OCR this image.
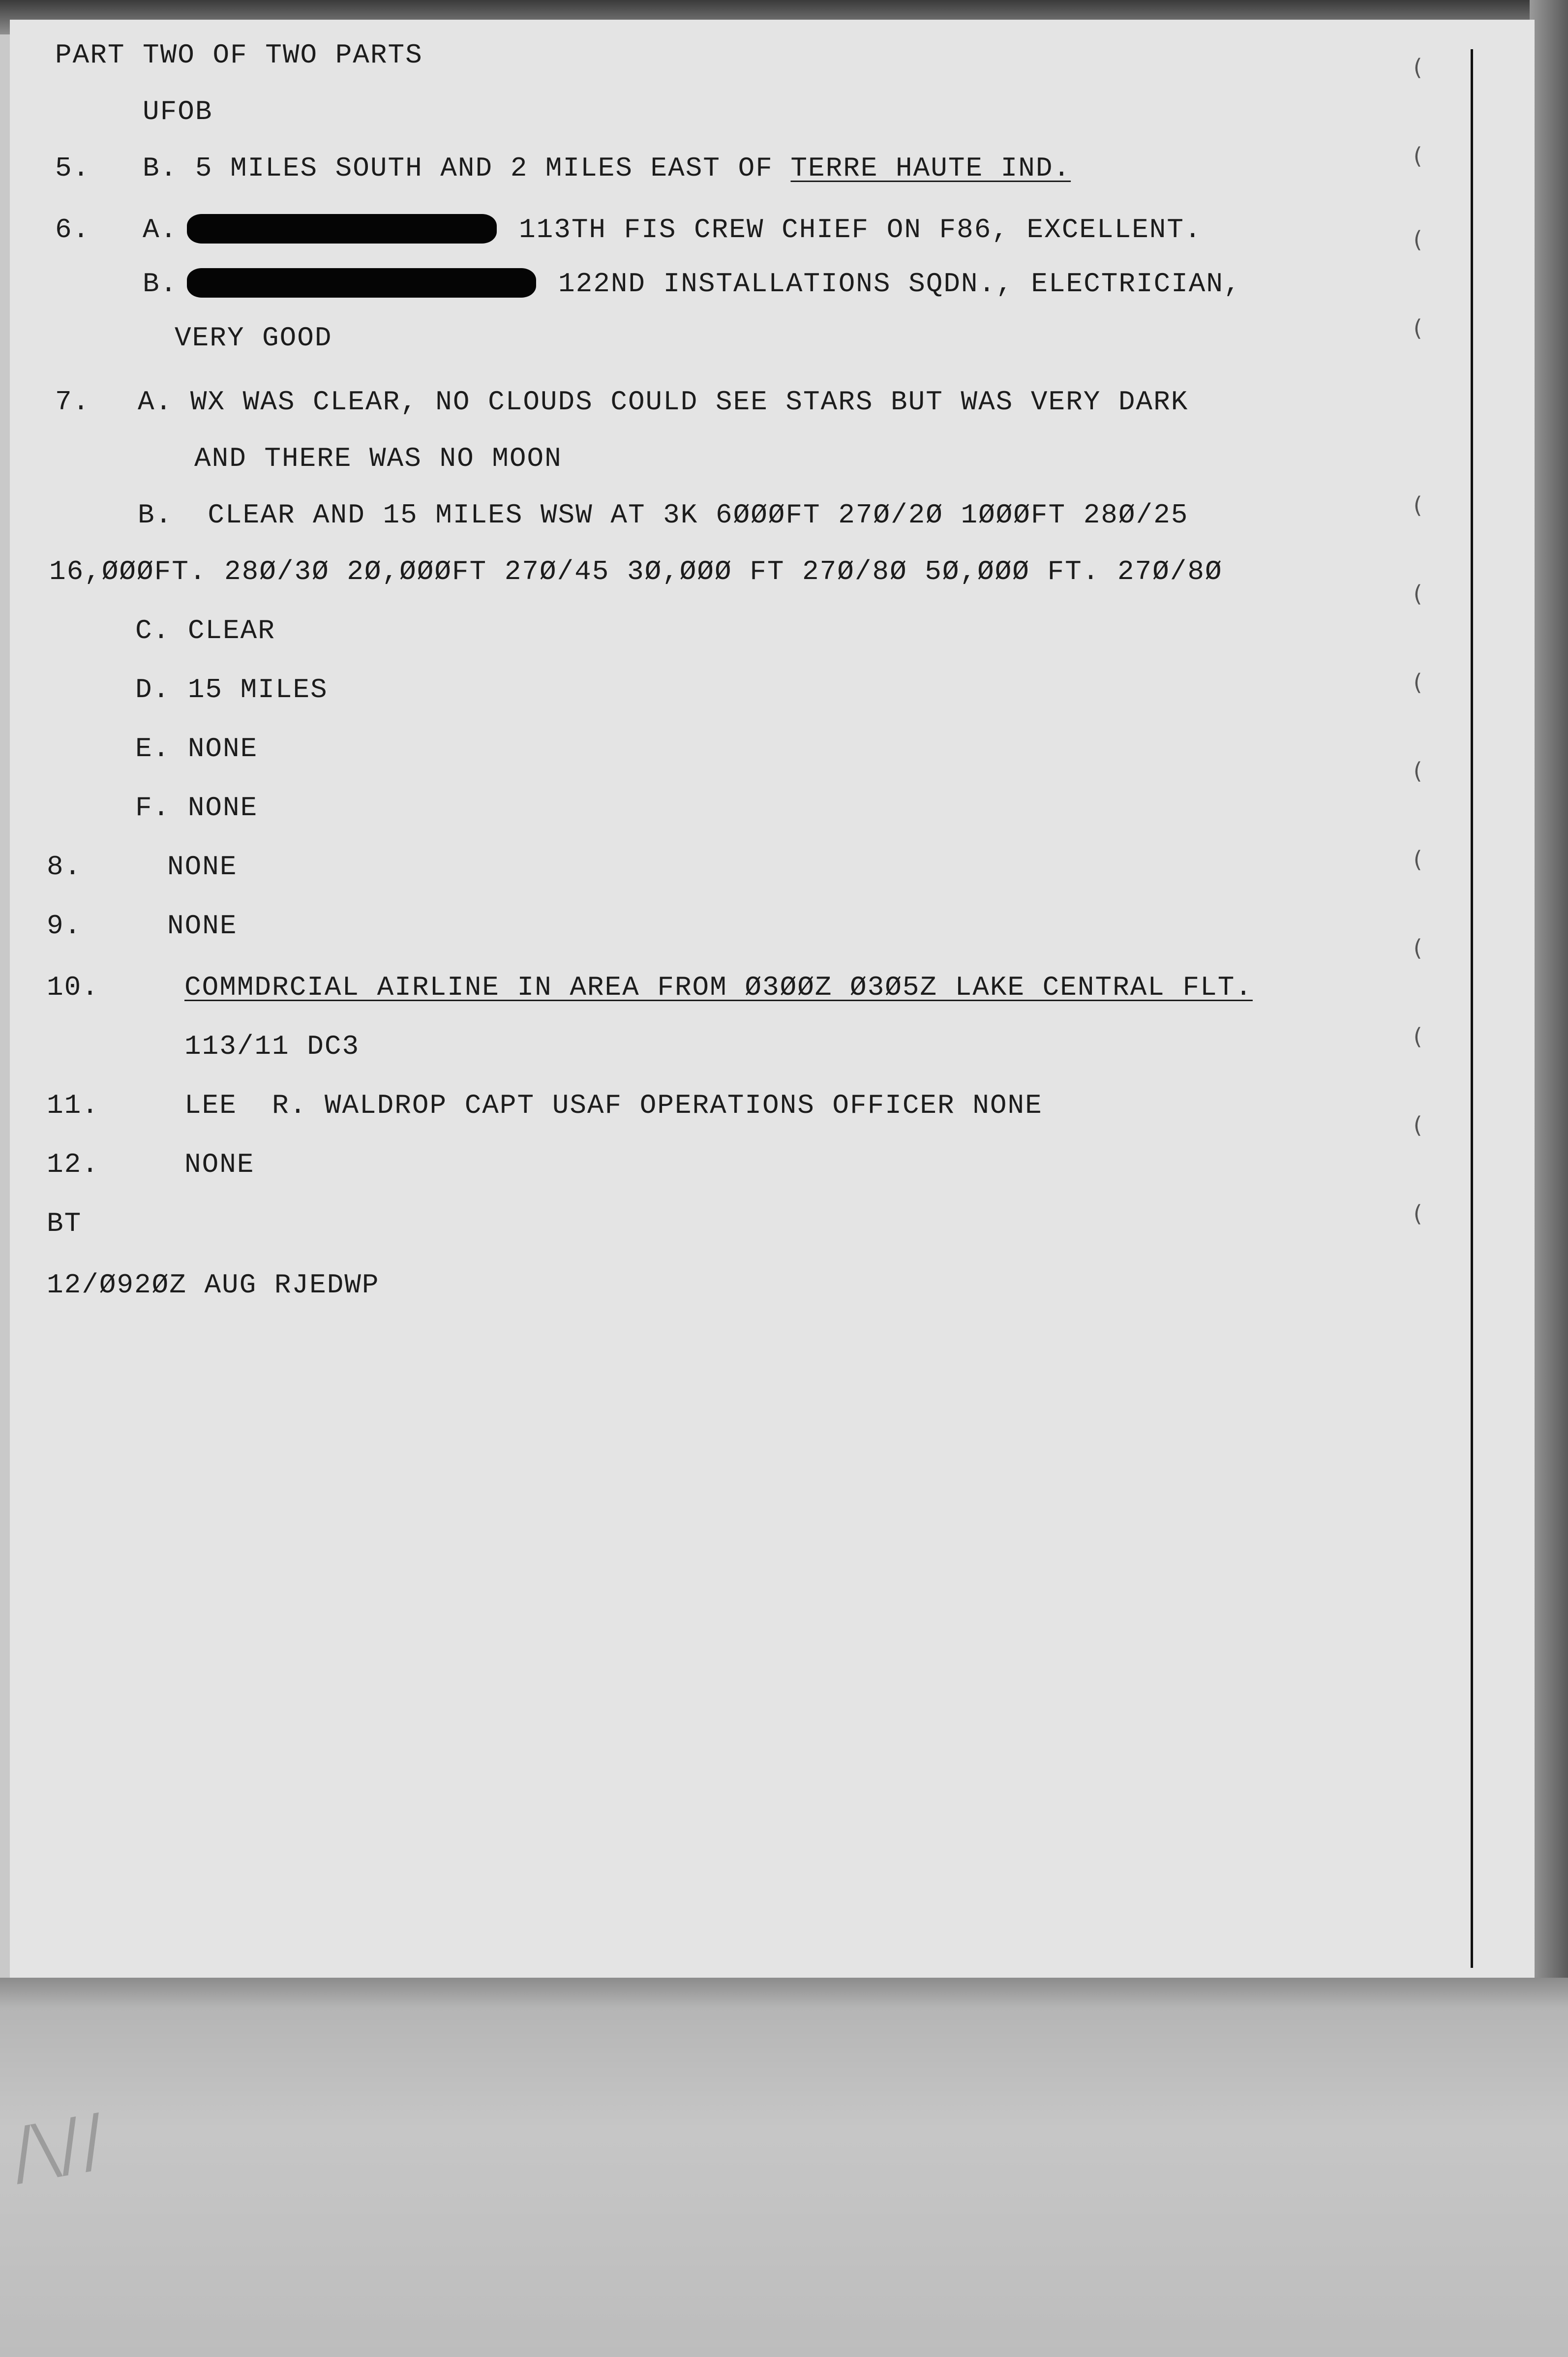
(
(
(
(
(
(
(
(
(
(
(
(
(
PART TWO OF TWO PARTS
UFOB
5. B. 5 MILES SOUTH AND 2 MILES EAST OF TERRE HAUTE IND.
6. A.	113TH FIS CREW CHIEF ON F86, EXCELLENT.
B.	122ND INSTALLATIONS SQDN., ELECTRICIAN,
VERY GOOD
7. A. WX WAS CLEAR, NO CLOUDS COULD SEE STARS BUT WAS VERY DARK
AND THERE WAS NO MOON
B.  CLEAR AND 15 MILES WSW AT 3K 6ØØØFT 27Ø/2Ø 1ØØØFT 28Ø/25
16,ØØØFT. 28Ø/3Ø 2Ø,ØØØFT 27Ø/45 3Ø,ØØØ FT 27Ø/8Ø 5Ø,ØØØ FT. 27Ø/8Ø
C. CLEAR
D. 15 MILES
E. NONE
F. NONE
8.	NONE
9.	NONE
10.	COMMDRCIAL AIRLINE IN AREA FROM Ø3ØØZ Ø3Ø5Z LAKE CENTRAL FLT.
113/11 DC3
11.	LEE  R. WALDROP CAPT USAF OPERATIONS OFFICER NONE
12.	NONE
BT
12/Ø92ØZ AUG RJEDWP
/\//
